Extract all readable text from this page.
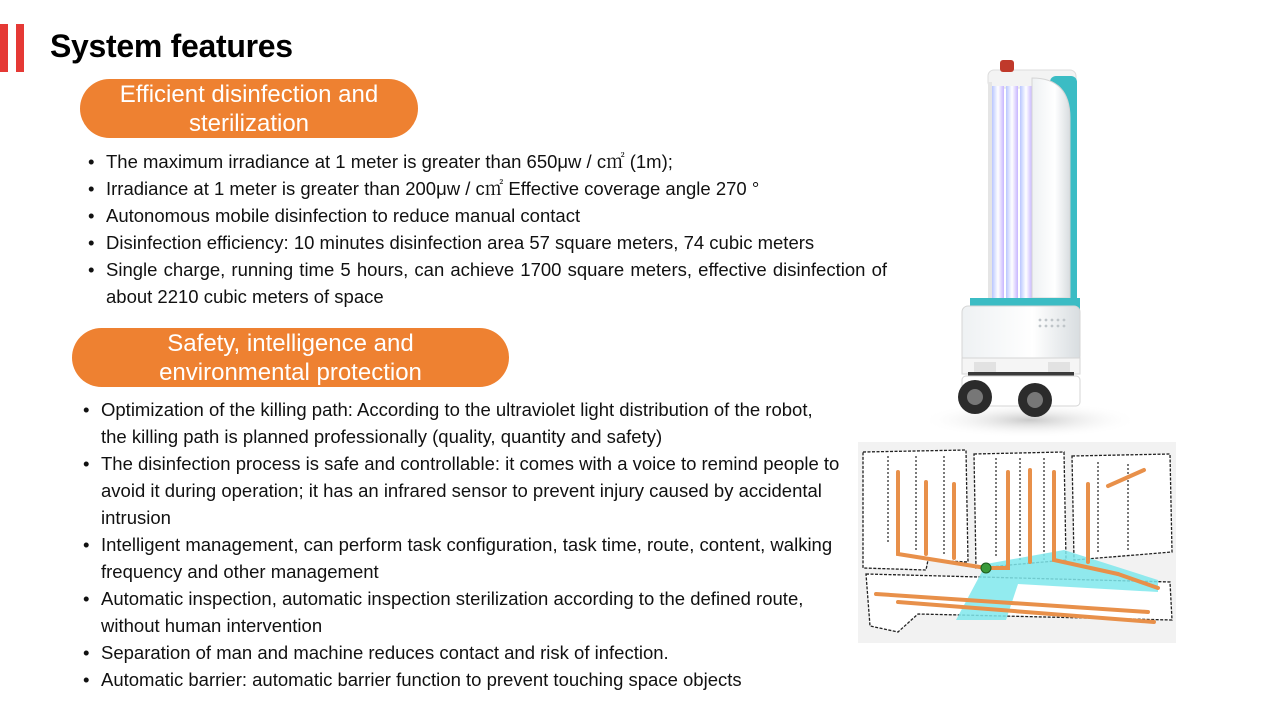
System features
Efficient disinfection and
sterilization
• The maximum irradiance at 1 meter is greater than 650μw / c㎡ (1m);
• Irradiance at 1 meter is greater than 200μw / c㎡ Effective coverage angle 270 °
• Autonomous mobile disinfection to reduce manual contact
• Disinfection efficiency: 10 minutes disinfection area 57 square meters, 74 cubic meters
• Single charge, running time 5 hours, can achieve 1700 square meters, effective disinfection of about 2210 cubic meters of space
Safety, intelligence and
environmental protection
• Optimization of the killing path: According to the ultraviolet light distribution of the robot, the killing path is planned professionally (quality, quantity and safety)
• The disinfection process is safe and controllable: it comes with a voice to remind people to avoid it during operation; it has an infrared sensor to prevent injury caused by accidental intrusion
• Intelligent management, can perform task configuration, task time, route, content, walking frequency and other management
• Automatic inspection, automatic inspection sterilization according to the defined route, without human intervention
• Separation of man and machine reduces contact and risk of infection.
• Automatic barrier: automatic barrier function to prevent touching space objects
